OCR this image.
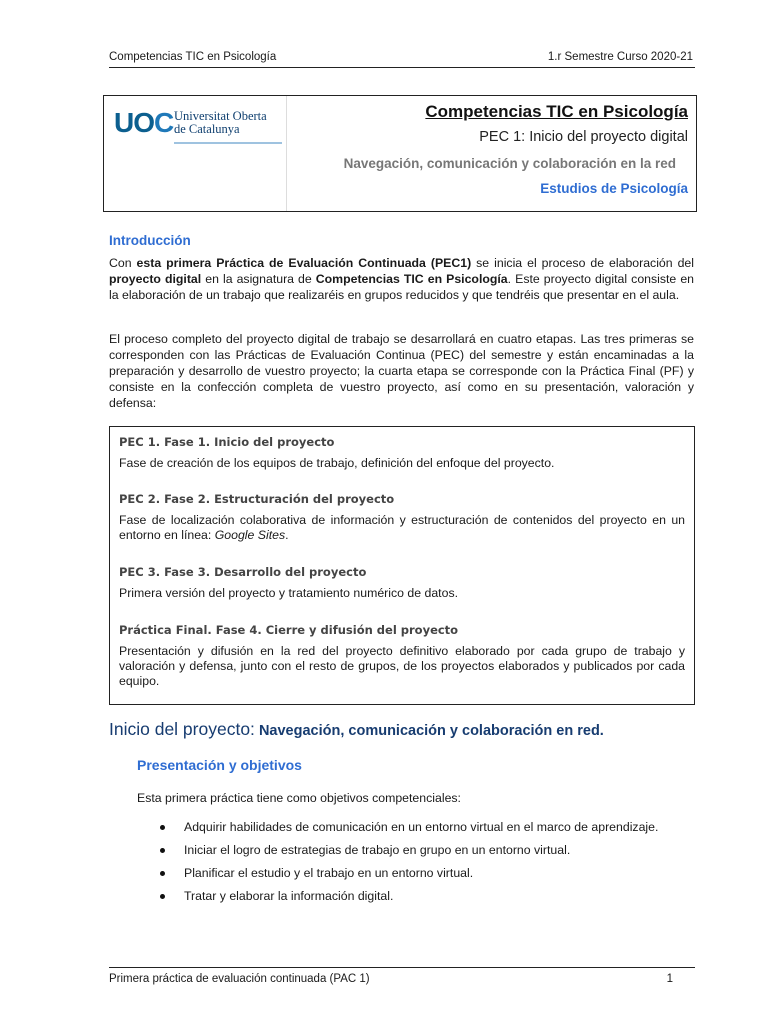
Competencias TIC en Psicología	1.r Semestre Curso 2020-21
UOC Universitat Oberta
de Catalunya
Competencias TIC en Psicología
PEC 1: Inicio del proyecto digital
Navegación, comunicación y colaboración en la red
Estudios de Psicología
Introducción
Con esta primera Práctica de Evaluación Continuada (PEC1) se inicia el proceso de elaboración del proyecto digital en la asignatura de Competencias TIC en Psicología. Este proyecto digital consiste en la elaboración de un trabajo que realizaréis en grupos reducidos y que tendréis que presentar en el aula.
El proceso completo del proyecto digital de trabajo se desarrollará en cuatro etapas. Las tres primeras se corresponden con las Prácticas de Evaluación Continua (PEC) del semestre y están encaminadas a la preparación y desarrollo de vuestro proyecto; la cuarta etapa se corresponde con la Práctica Final (PF) y consiste en la confección completa de vuestro proyecto, así como en su presentación, valoración y defensa:
PEC 1. Fase 1. Inicio del proyecto
Fase de creación de los equipos de trabajo, definición del enfoque del proyecto.
PEC 2. Fase 2. Estructuración del proyecto
Fase de localización colaborativa de información y estructuración de contenidos del proyecto en un entorno en línea: Google Sites.
PEC 3. Fase 3. Desarrollo del proyecto
Primera versión del proyecto y tratamiento numérico de datos.
Práctica Final. Fase 4. Cierre y difusión del proyecto
Presentación y difusión en la red del proyecto definitivo elaborado por cada grupo de trabajo y valoración y defensa, junto con el resto de grupos, de los proyectos elaborados y publicados por cada equipo.
Inicio del proyecto: Navegación, comunicación y colaboración en red.
Presentación y objetivos
Esta primera práctica tiene como objetivos competenciales:
Adquirir habilidades de comunicación en un entorno virtual en el marco de aprendizaje.
Iniciar el logro de estrategias de trabajo en grupo en un entorno virtual.
Planificar el estudio y el trabajo en un entorno virtual.
Tratar y elaborar la información digital.
Primera práctica de evaluación continuada (PAC 1)	1
